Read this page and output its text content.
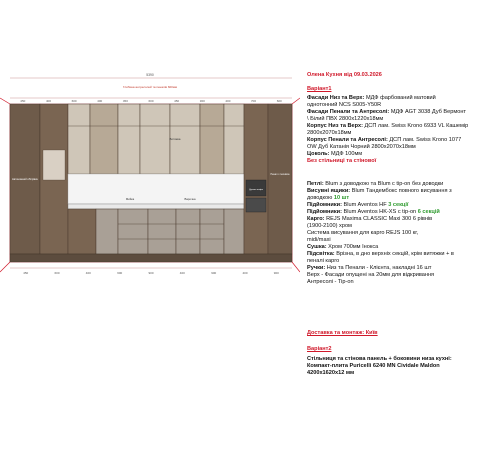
5390
Глибина антресолей та пеналів 600мм
450	400	600	400	450	600	450	300	400	700	600
450	600	400	600	900	400	900	400	900
Автономний обігрівач
Витяжка
Мийка	Варочна
Духова шафа
Пенал з технікою
Олена Кухня від 09.03.2026
Варіант1
Фасади Низ та Верх: МДФ фарбований матовий
однотонний NCS S005-Y50R
Фасади Пенали та Антресолі: МДФ AGT 3038 Дуб Вермонт
\ Білий ПВХ 2800х1220х18мм
Корпус Низ та Верх: ДСП лам. Swiss Krono 6933 VL Кашемір
2800х2070х18мм
Корпус Пенали та Антресолі: ДСП лам. Swiss Krono 1077
OW Дуб Катанія Чорний 2800х2070х18мм
Цоколь: МДФ 100мм
Без стільниці та стінової
Петлі: Blum з доводкою та Blum с tip-on без доводки
Висувні ящики: Blum Тандембокс повного висування з
доводкою 10 шт
Підйомники: Blum Aventos HF 3 секції
Підйомники: Blum Aventos HK-XS с tip-on 6 секцій
Карго: REJS Maxima CLASSIC Maxi 300 6 рівнів
(1900-2100) хром
Система висування для карго REJS 100 кг,
midi/maxi
Сушка: Хром 700мм Інокса
Підсвітка: Врізна, в дно верхніх секцій, крім витяжки + в
пеналі карго
Ручки: Низ та Пенали - Клієнта, накладні 16 шт
Верх - Фасади опущені на 20мм для відкривання
Антресолі - Tip-on
Доставка та монтаж: Київ
Варіант2
Стільниця та стінова панель + боковини низа кухні:
Компакт-плита Puricelli 6240 MN Cividale Maldon
4200х1620х12 мм
